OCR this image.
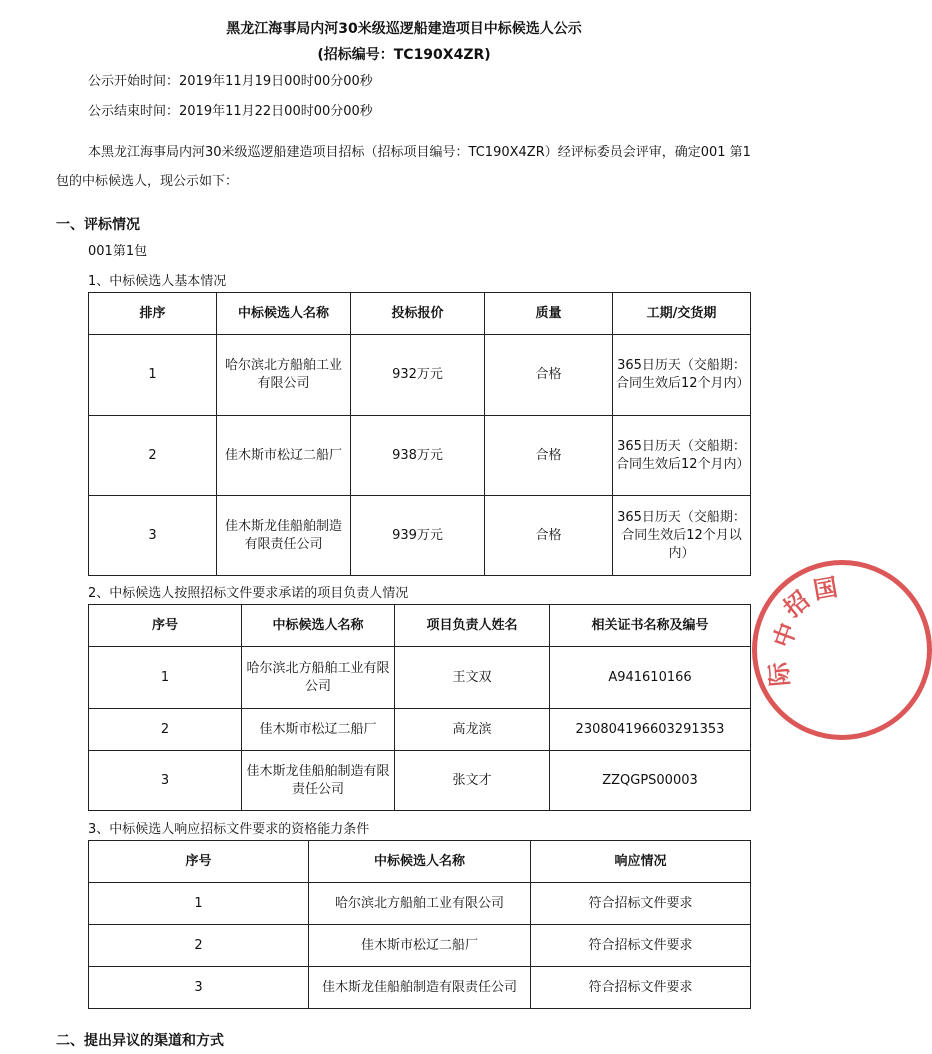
黑龙江海事局内河30米级巡逻船建造项目中标候选人公示
(招标编号：TC190X4ZR)
公示开始时间：2019年11月19日00时00分00秒
公示结束时间：2019年11月22日00时00分00秒
本黑龙江海事局内河30米级巡逻船建造项目招标（招标项目编号：TC190X4ZR）经评标委员会评审，确定001 第1包的中标候选人，现公示如下：
一、评标情况
001第1包
1、中标候选人基本情况
排序	中标候选人名称	投标报价	质量	工期/交货期
1	哈尔滨北方船舶工业有限公司	932万元	合格	365日历天（交船期：合同生效后12个月内）
2	佳木斯市松辽二船厂	938万元	合格	365日历天（交船期：合同生效后12个月内）
3	佳木斯龙佳船舶制造有限责任公司	939万元	合格	365日历天（交船期：合同生效后12个月以内）
2、中标候选人按照招标文件要求承诺的项目负责人情况
序号	中标候选人名称	项目负责人姓名	相关证书名称及编号
1	哈尔滨北方船舶工业有限公司	王文双	A941610166
2	佳木斯市松辽二船厂	高龙滨	230804196603291353
3	佳木斯龙佳船舶制造有限责任公司	张文才	ZZQGPS00003
3、中标候选人响应招标文件要求的资格能力条件
序号	中标候选人名称	响应情况
1	哈尔滨北方船舶工业有限公司	符合招标文件要求
2	佳木斯市松辽二船厂	符合招标文件要求
3	佳木斯龙佳船舶制造有限责任公司	符合招标文件要求
二、提出异议的渠道和方式
中
招
国
际
